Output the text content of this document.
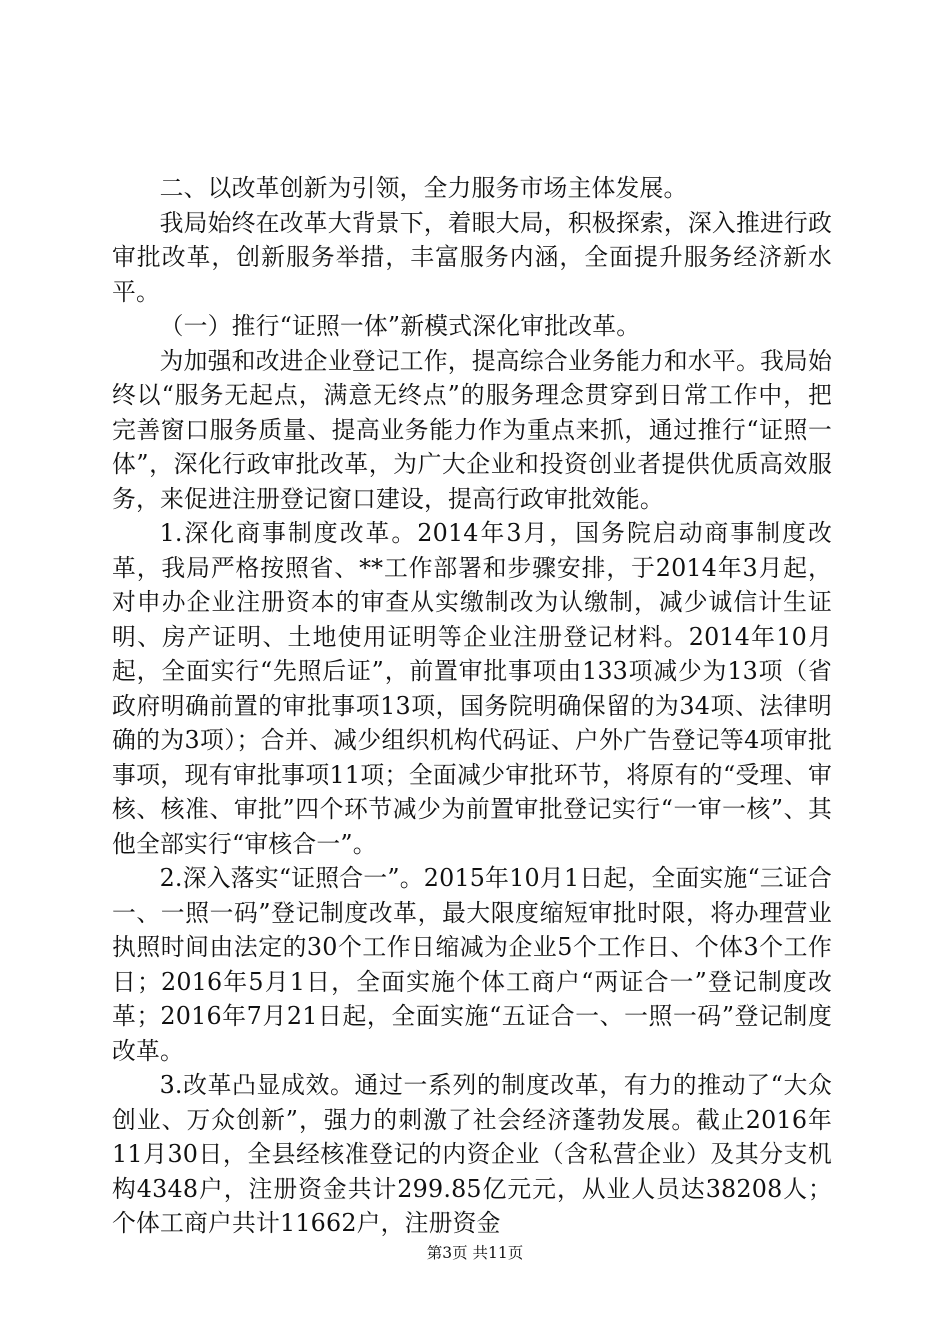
二、以改革创新为引领，全力服务市场主体发展。

我局始终在改革大背景下，着眼大局，积极探索，深入推进行政审批改革，创新服务举措，丰富服务内涵，全面提升服务经济新水平。

（一）推行“证照一体”新模式深化审批改革。

为加强和改进企业登记工作，提高综合业务能力和水平。我局始终以“服务无起点，满意无终点”的服务理念贯穿到日常工作中，把完善窗口服务质量、提高业务能力作为重点来抓，通过推行“证照一体”，深化行政审批改革，为广大企业和投资创业者提供优质高效服务，来促进注册登记窗口建设，提高行政审批效能。

1.深化商事制度改革。2014年3月，国务院启动商事制度改革，我局严格按照省、**工作部署和步骤安排，于2014年3月起，对申办企业注册资本的审查从实缴制改为认缴制，减少诚信计生证明、房产证明、土地使用证明等企业注册登记材料。2014年10月起，全面实行“先照后证”，前置审批事项由133项减少为13项（省政府明确前置的审批事项13项，国务院明确保留的为34项、法律明确的为3项）；合并、减少组织机构代码证、户外广告登记等4项审批事项，现有审批事项11项；全面减少审批环节，将原有的“受理、审核、核准、审批”四个环节减少为前置审批登记实行“一审一核”、其他全部实行“审核合一”。

2.深入落实“证照合一”。2015年10月1日起，全面实施“三证合一、一照一码”登记制度改革，最大限度缩短审批时限，将办理营业执照时间由法定的30个工作日缩减为企业5个工作日、个体3个工作日；2016年5月1日，全面实施个体工商户“两证合一”登记制度改革；2016年7月21日起，全面实施“五证合一、一照一码”登记制度改革。

3.改革凸显成效。通过一系列的制度改革，有力的推动了“大众创业、万众创新”，强力的刺激了社会经济蓬勃发展。截止2016年11月30日，全县经核准登记的内资企业（含私营企业）及其分支机构4348户，注册资金共计299.85亿元元，从业人员达38208人；个体工商户共计11662户，注册资金

第3页 共11页
